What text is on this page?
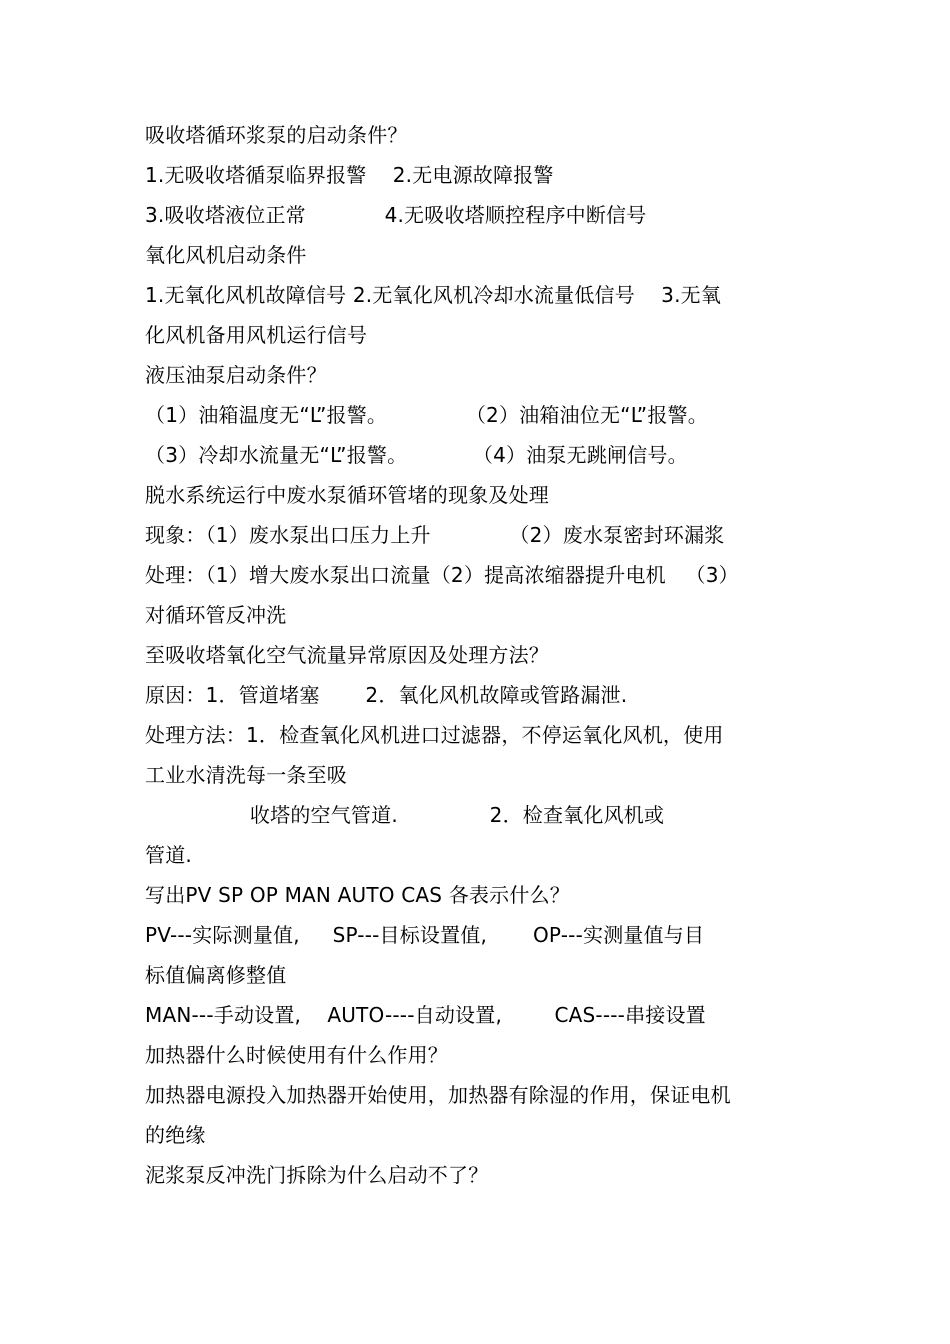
吸收塔循环浆泵的启动条件？
1.无吸收塔循泵临界报警    2.无电源故障报警
3.吸收塔液位正常            4.无吸收塔顺控程序中断信号
氧化风机启动条件
1.无氧化风机故障信号 2.无氧化风机冷却水流量低信号    3.无氧
化风机备用风机运行信号
液压油泵启动条件？
（1）油箱温度无“L”报警。            （2）油箱油位无“L”报警。
（3）冷却水流量无“L”报警。          （4）油泵无跳闸信号。
脱水系统运行中废水泵循环管堵的现象及处理
现象：（1）废水泵出口压力上升            （2）废水泵密封环漏浆
处理：（1）增大废水泵出口流量（2）提高浓缩器提升电机   （3）
对循环管反冲洗
至吸收塔氧化空气流量异常原因及处理方法？
原因：1．管道堵塞       2．氧化风机故障或管路漏泄.
处理方法：1．检查氧化风机进口过滤器，不停运氧化风机，使用
工业水清洗每一条至吸
收塔的空气管道.              2．检查氧化风机或
管道.
写出PV SP OP MAN AUTO CAS 各表示什么？
PV---实际测量值,     SP---目标设置值,       OP---实测量值与目
标值偏离修整值
MAN---手动设置,    AUTO----自动设置,        CAS----串接设置
加热器什么时候使用有什么作用？
加热器电源投入加热器开始使用，加热器有除湿的作用，保证电机
的绝缘
泥浆泵反冲洗门拆除为什么启动不了？
